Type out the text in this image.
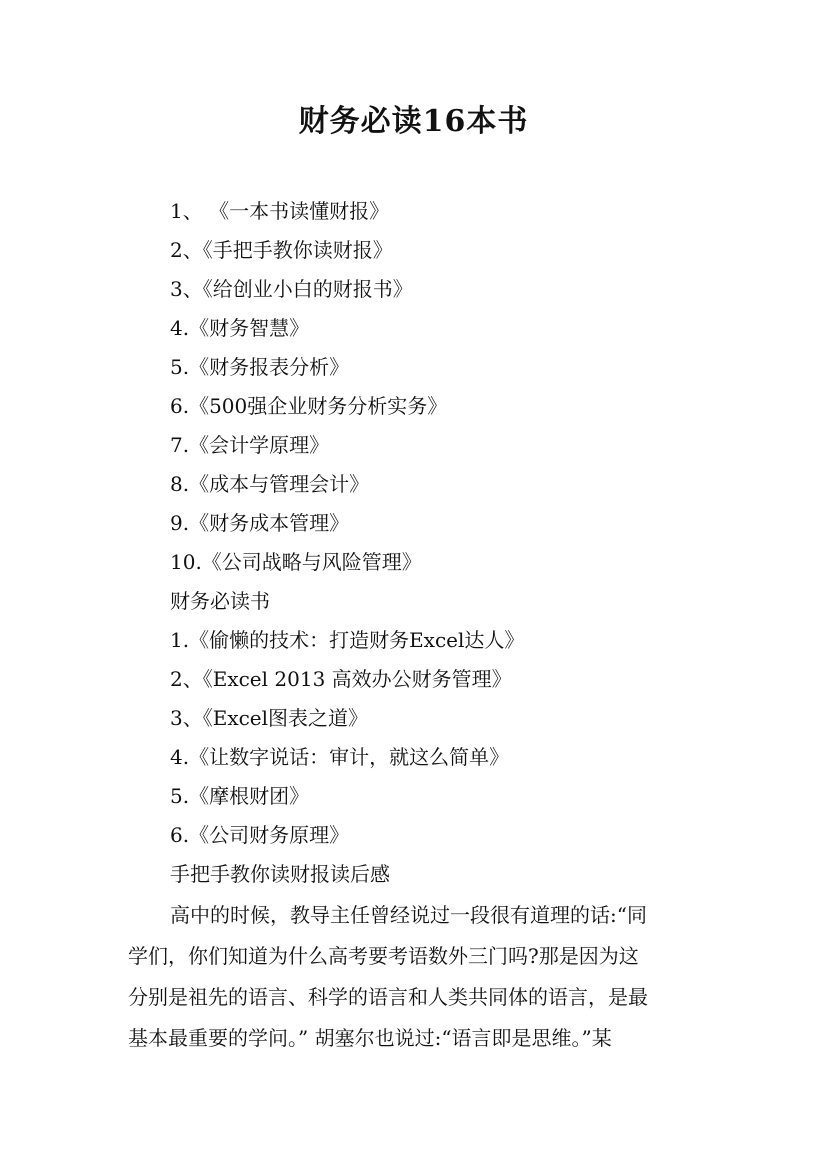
财务必读16本书
1、 《一本书读懂财报》
2、《手把手教你读财报》
3、《给创业小白的财报书》
4.《财务智慧》
5.《财务报表分析》
6.《500强企业财务分析实务》
7.《会计学原理》
8.《成本与管理会计》
9.《财务成本管理》
10.《公司战略与风险管理》
财务必读书
1.《偷懒的技术：打造财务Excel达人》
2、《Excel 2013 高效办公财务管理》
3、《Excel图表之道》
4.《让数字说话：审计，就这么简单》
5.《摩根财团》
6.《公司财务原理》
手把手教你读财报读后感
高中的时候，教导主任曾经说过一段很有道理的话:“同
学们，你们知道为什么高考要考语数外三门吗?那是因为这
分别是祖先的语言、科学的语言和人类共同体的语言，是最
基本最重要的学问。” 胡塞尔也说过:“语言即是思维。”某
